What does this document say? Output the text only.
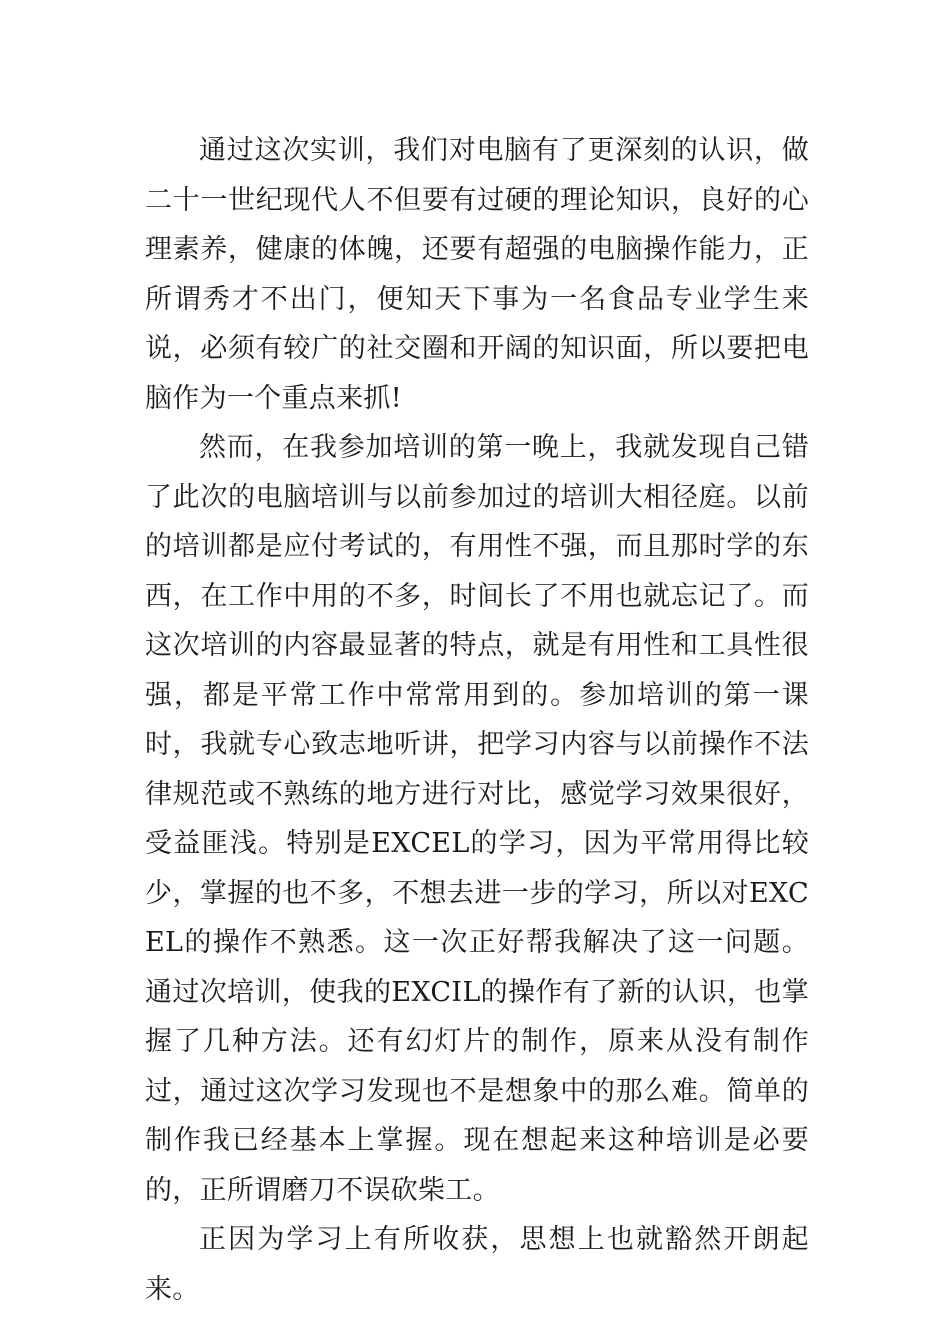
通过这次实训，我们对电脑有了更深刻的认识，做二十一世纪现代人不但要有过硬的理论知识，良好的心理素养，健康的体魄，还要有超强的电脑操作能力，正所谓秀才不出门，便知天下事为一名食品专业学生来说，必须有较广的社交圈和开阔的知识面，所以要把电脑作为一个重点来抓!

然而，在我参加培训的第一晚上，我就发现自己错了此次的电脑培训与以前参加过的培训大相径庭。以前的培训都是应付考试的，有用性不强，而且那时学的东西，在工作中用的不多，时间长了不用也就忘记了。而这次培训的内容最显著的特点，就是有用性和工具性很强，都是平常工作中常常用到的。参加培训的第一课时，我就专心致志地听讲，把学习内容与以前操作不法律规范或不熟练的地方进行对比，感觉学习效果很好，受益匪浅。特别是EXCEL的学习，因为平常用得比较少，掌握的也不多，不想去进一步的学习，所以对EXCEL的操作不熟悉。这一次正好帮我解决了这一问题。通过次培训，使我的EXCIL的操作有了新的认识，也掌握了几种方法。还有幻灯片的制作，原来从没有制作过，通过这次学习发现也不是想象中的那么难。简单的制作我已经基本上掌握。现在想起来这种培训是必要的，正所谓磨刀不误砍柴工。

正因为学习上有所收获，思想上也就豁然开朗起来。
